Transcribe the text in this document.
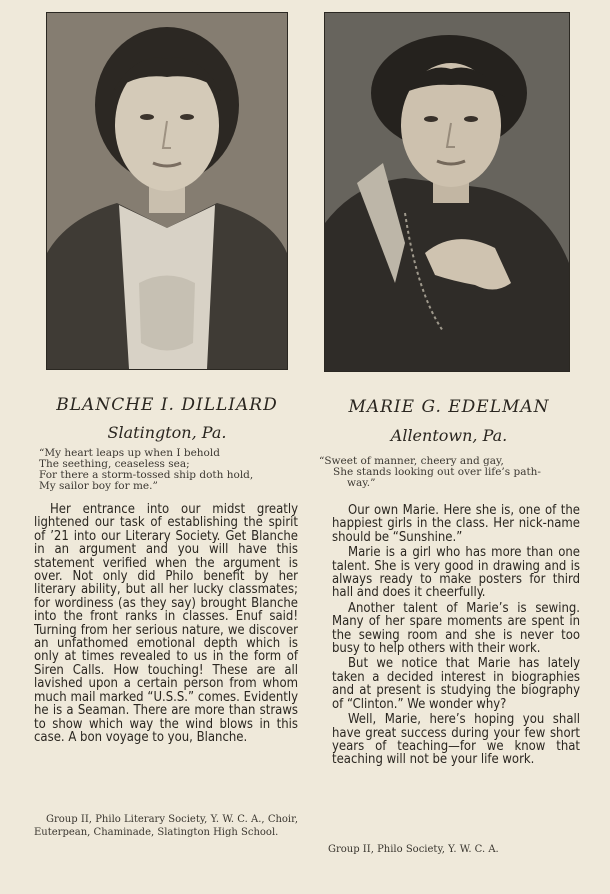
BLANCHE I. DILLIARD
Slatington, Pa.
“My heart leaps up when I behold
The seething, ceaseless sea;
For there a storm-tossed ship doth hold,
My sailor boy for me.”

Her entrance into our midst greatly lightened our task of establishing the spirit of ’21 into our Literary Society. Get Blanche in an argument and you will have this statement verified when the argument is over. Not only did Philo benefit by her literary ability, but all her lucky classmates; for wordiness (as they say) brought Blanche into the front ranks in classes. Enuf said! Turning from her serious nature, we discover an unfathomed emotional depth which is only at times revealed to us in the form of Siren Calls. How touching! These are all lavished upon a certain person from whom much mail marked “U.S.S.” comes. Evidently he is a Seaman. There are more than straws to show which way the wind blows in this case. A bon voyage to you, Blanche.

Group II, Philo Literary Society, Y. W. C. A., Choir, Euterpean, Chaminade, Slatington High School.
MARIE G. EDELMAN
Allentown, Pa.
“Sweet of manner, cheery and gay,
She stands looking out over life’s path-
way.”

Our own Marie. Here she is, one of the happiest girls in the class. Her nick-name should be “Sunshine.”

Marie is a girl who has more than one talent. She is very good in drawing and is always ready to make posters for third hall and does it cheerfully.

Another talent of Marie’s is sewing. Many of her spare moments are spent in the sewing room and she is never too busy to help others with their work.

But we notice that Marie has lately taken a decided interest in biographies and at present is studying the biography of “Clinton.” We wonder why?

Well, Marie, here’s hoping you shall have great success during your few short years of teaching—for we know that teaching will not be your life work.

Group II, Philo Society, Y. W. C. A.
